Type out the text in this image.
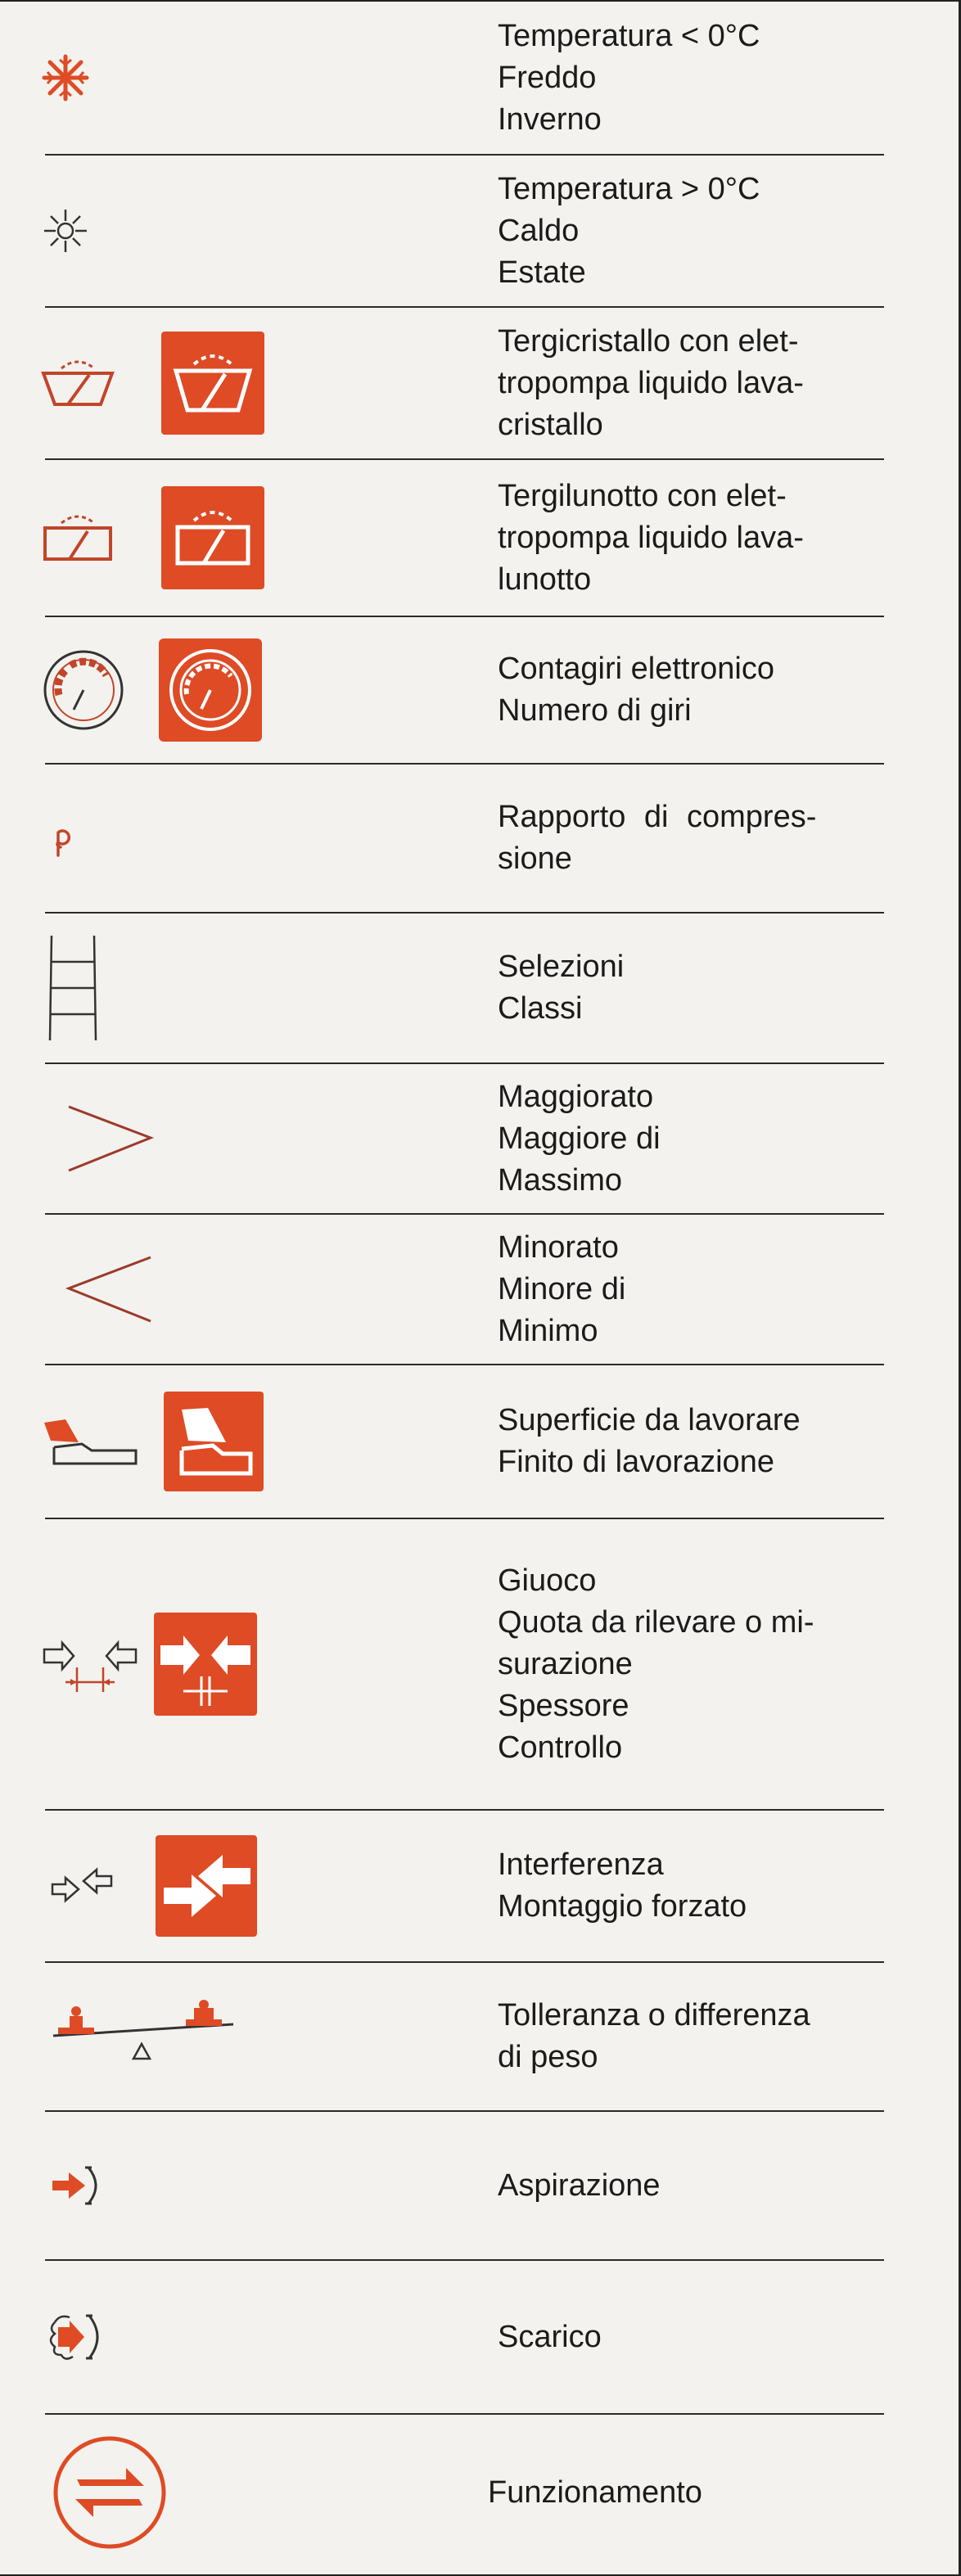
Temperatura < 0°C
Freddo
Inverno
Temperatura > 0°C
Caldo
Estate
Tergicristallo con elet-
tropompa liquido lava-
cristallo
Tergilunotto con elet-
tropompa liquido lava-
lunotto
Contagiri elettronico
Numero di giri
Rapporto di compres-
sione
Selezioni
Classi
Maggiorato
Maggiore di
Massimo
Minorato
Minore di
Minimo
Superficie da lavorare
Finito di lavorazione
Giuoco
Quota da rilevare o mi-
surazione
Spessore
Controllo
Interferenza
Montaggio forzato
Tolleranza o differenza
di peso
Aspirazione
Scarico
Funzionamento
